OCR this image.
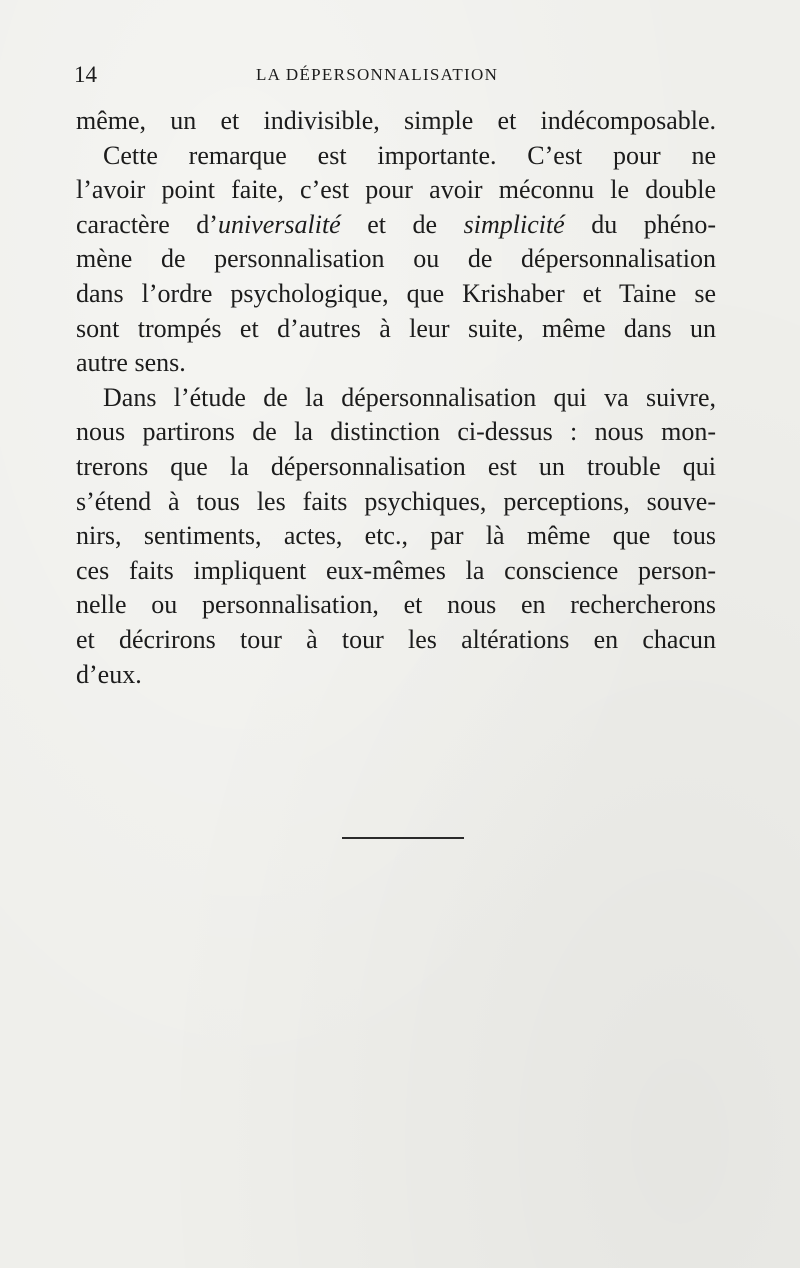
14	LA DÉPERSONNALISATION
même, un et indivisible, simple et indécomposable.
Cette remarque est importante. C’est pour ne
l’avoir point faite, c’est pour avoir méconnu le double
caractère d’universalité et de simplicité du phéno-
mène de personnalisation ou de dépersonnalisation
dans l’ordre psychologique, que Krishaber et Taine se
sont trompés et d’autres à leur suite, même dans un
autre sens.
Dans l’étude de la dépersonnalisation qui va suivre,
nous partirons de la distinction ci-dessus : nous mon-
trerons que la dépersonnalisation est un trouble qui
s’étend à tous les faits psychiques, perceptions, souve-
nirs, sentiments, actes, etc., par là même que tous
ces faits impliquent eux-mêmes la conscience person-
nelle ou personnalisation, et nous en rechercherons
et décrirons tour à tour les altérations en chacun
d’eux.
